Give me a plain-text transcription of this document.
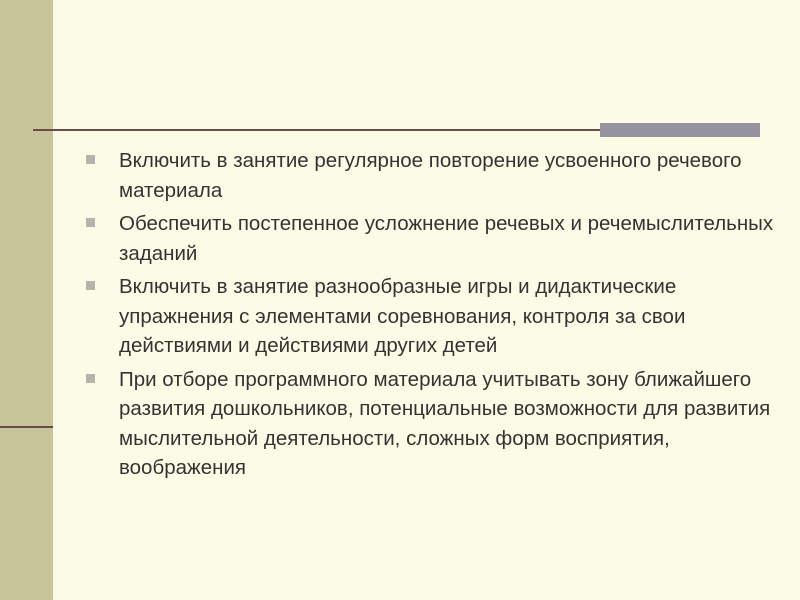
Включить в занятие регулярное повторение усвоенного речевого материала
Обеспечить постепенное усложнение речевых и речемыслительных заданий
Включить в занятие разнообразные игры и дидактические упражнения с элементами соревнования, контроля за свои действиями и действиями других детей
При отборе программного материала учитывать зону ближайшего развития дошкольников, потенциальные возможности для развития мыслительной деятельности, сложных форм восприятия, воображения
